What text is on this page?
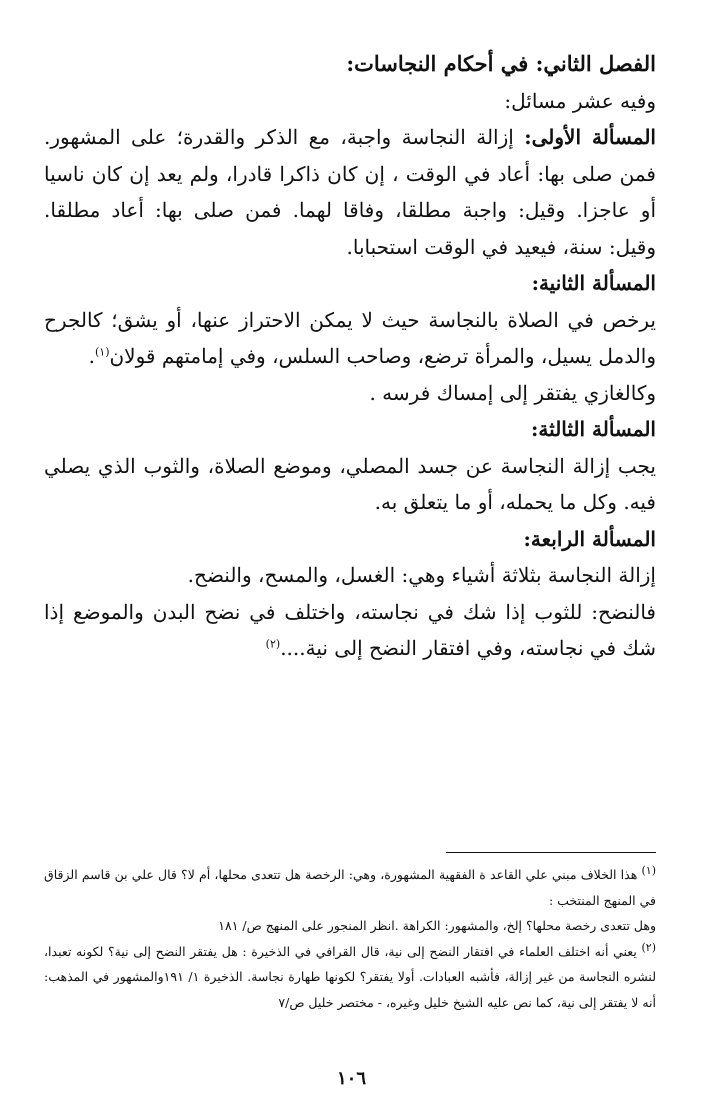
الفصل الثاني: في أحكام النجاسات:

وفيه عشر مسائل:

المسألة الأولى: إزالة النجاسة واجبة، مع الذكر والقدرة؛ على المشهور. فمن صلى بها: أعاد في الوقت ، إن كان ذاكرا قادرا، ولم يعد إن كان ناسيا أو عاجزا. وقيل: واجبة مطلقا، وفاقا لهما. فمن صلى بها: أعاد مطلقا. وقيل: سنة، فيعيد في الوقت استحبابا.

المسألة الثانية:

يرخص في الصلاة بالنجاسة حيث لا يمكن الاحتراز عنها، أو يشق؛ كالجرح والدمل يسيل، والمرأة ترضع، وصاحب السلس، وفي إمامتهم قولان$^{(١)}$.

وكالغازي يفتقر إلى إمساك فرسه .

المسألة الثالثة:

يجب إزالة النجاسة عن جسد المصلي، وموضع الصلاة، والثوب الذي يصلي فيه. وكل ما يحمله، أو ما يتعلق به.

المسألة الرابعة:

إزالة النجاسة بثلاثة أشياء وهي: الغسل، والمسح، والنضح.

فالنضح: للثوب إذا شك في نجاسته، واختلف في نضح البدن والموضع إذا شك في نجاسته، وفي افتقار النضح إلى نية....$^{(٢)}$

$^{(١)}$ هذا الخلاف مبني علي القاعد ة الفقهية المشهورة، وهي: الرخصة هل تتعدى محلها، أم لا؟ قال علي بن قاسم الزقاق في المنهج المنتخب :

وهل تتعدى رخصة محلها؟ إلخ، والمشهور: الكراهة .انظر المنجور على المنهج ص/ ١٨١

$^{(٢)}$ يعني أنه اختلف العلماء في افتقار النضح إلى نية، قال القرافي في الذخيرة : هل يفتقر النضح إلى نية؟ لكونه تعبدا، لنشره النجاسة من غير إزالة، فأشبه العبادات. أولا يفتقر؟ لكونها طهارة نجاسة. الذخيرة ١/ ١٩١والمشهور في المذهب: أنه لا يفتقر إلى نية، كما نص عليه الشيخ خليل وغيره، - مختصر خليل ص/٧

١٠٦
